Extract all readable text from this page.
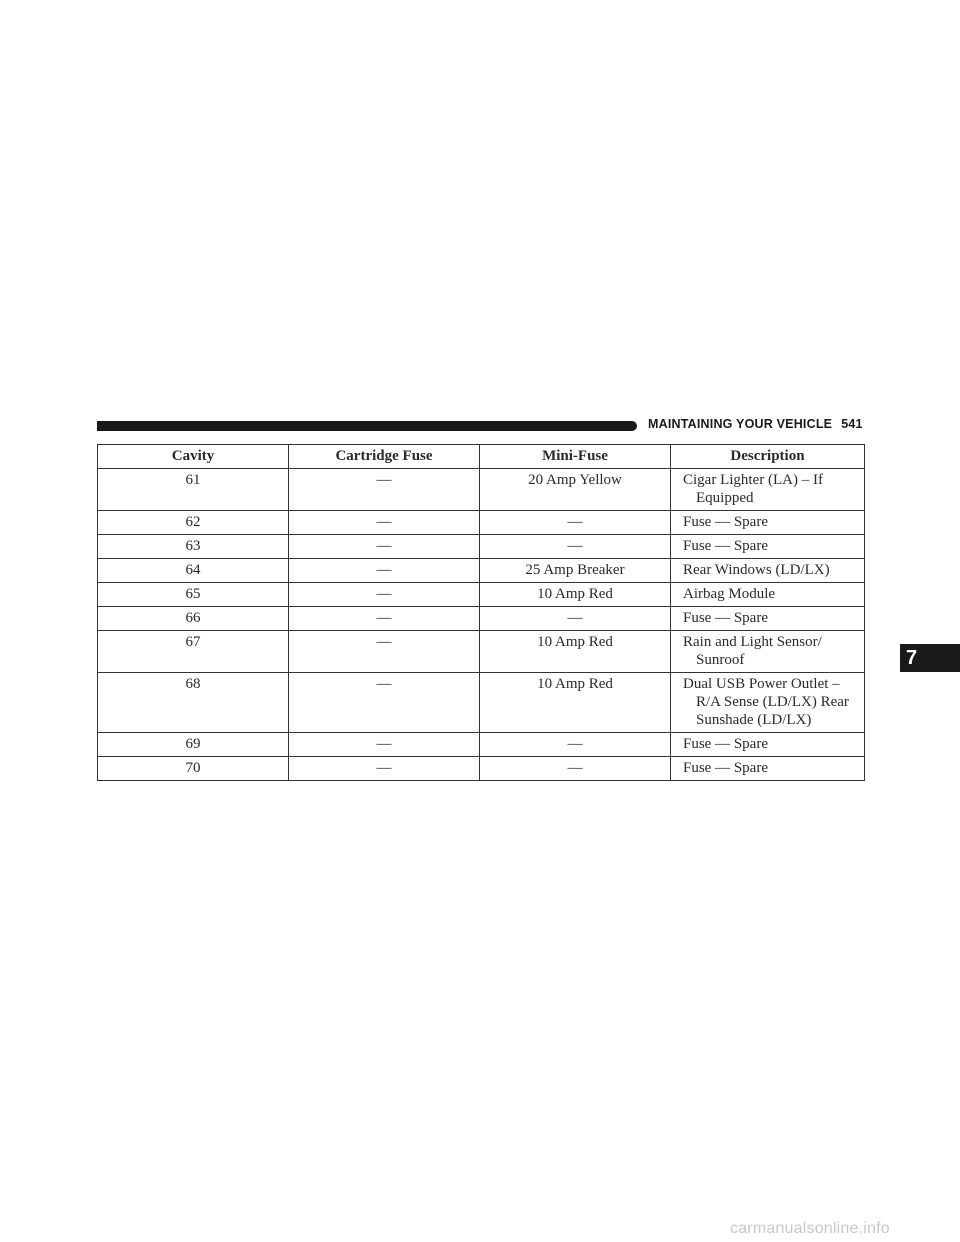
MAINTAINING YOUR VEHICLE 541
7
Cavity	Cartridge Fuse	Mini-Fuse	Description
61	—	20 Amp Yellow	Cigar Lighter (LA) – If
Equipped

62	—	—	Fuse — Spare

63	—	—	Fuse — Spare

64	—	25 Amp Breaker	Rear Windows (LD/LX)

65	—	10 Amp Red	Airbag Module

66	—	—	Fuse — Spare

67	—	10 Amp Red	Rain and Light Sensor/
Sunroof

68	—	10 Amp Red	Dual USB Power Outlet –
R/A Sense (LD/LX) Rear
Sunshade (LD/LX)

69	—	—	Fuse — Spare

70	—	—	Fuse — Spare
carmanualsonline.info
